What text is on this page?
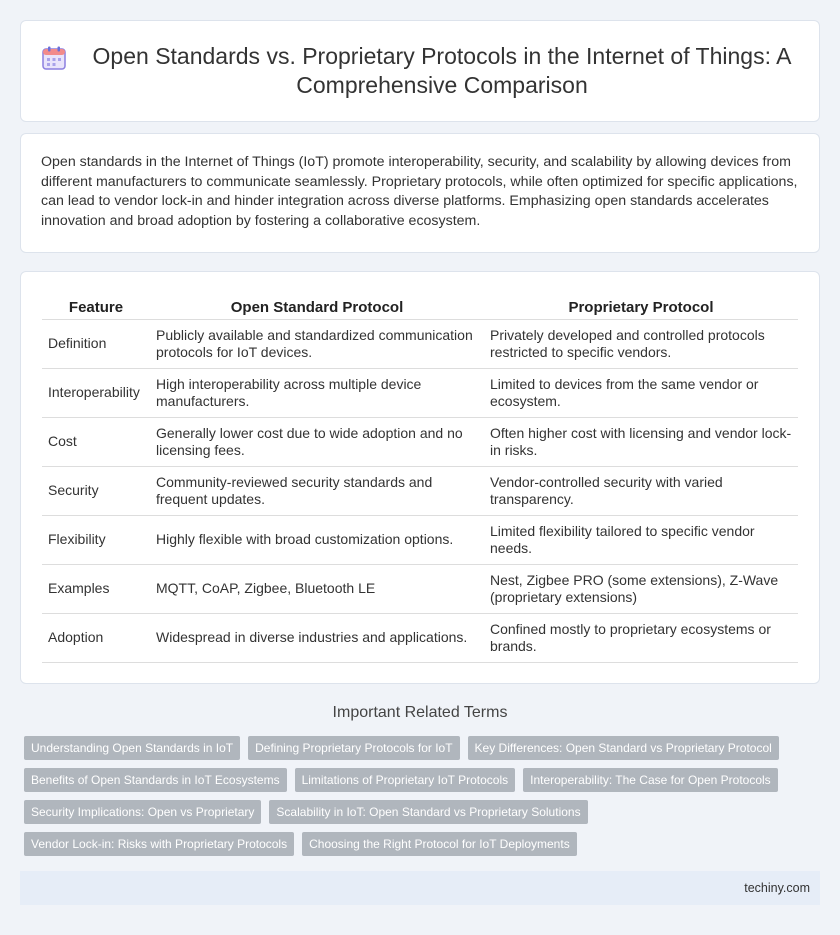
Open Standards vs. Proprietary Protocols in the Internet of Things: A Comprehensive Comparison

Open standards in the Internet of Things (IoT) promote interoperability, security, and scalability by allowing devices from different manufacturers to communicate seamlessly. Proprietary protocols, while often optimized for specific applications, can lead to vendor lock-in and hinder integration across diverse platforms. Emphasizing open standards accelerates innovation and broad adoption by fostering a collaborative ecosystem.

Feature	Open Standard Protocol	Proprietary Protocol
Definition	Publicly available and standardized communication protocols for IoT devices.	Privately developed and controlled protocols restricted to specific vendors.
Interoperability	High interoperability across multiple device manufacturers.	Limited to devices from the same vendor or ecosystem.
Cost	Generally lower cost due to wide adoption and no licensing fees.	Often higher cost with licensing and vendor lock-in risks.
Security	Community-reviewed security standards and frequent updates.	Vendor-controlled security with varied transparency.
Flexibility	Highly flexible with broad customization options.	Limited flexibility tailored to specific vendor needs.
Examples	MQTT, CoAP, Zigbee, Bluetooth LE	Nest, Zigbee PRO (some extensions), Z-Wave (proprietary extensions)
Adoption	Widespread in diverse industries and applications.	Confined mostly to proprietary ecosystems or brands.
Important Related Terms
Understanding Open Standards in IoT	Defining Proprietary Protocols for IoT	Key Differences: Open Standard vs Proprietary Protocol
Benefits of Open Standards in IoT Ecosystems	Limitations of Proprietary IoT Protocols	Interoperability: The Case for Open Protocols
Security Implications: Open vs Proprietary	Scalability in IoT: Open Standard vs Proprietary Solutions
Vendor Lock-in: Risks with Proprietary Protocols	Choosing the Right Protocol for IoT Deployments
techiny.com
